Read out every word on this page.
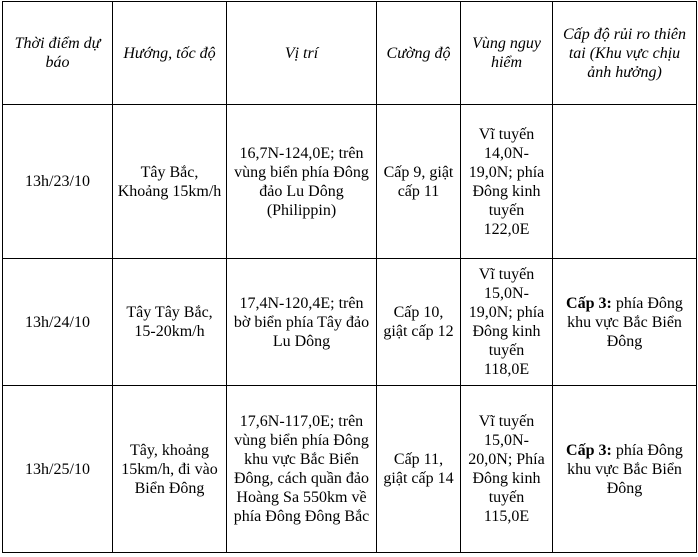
Thời điểm dự báo	Hướng, tốc độ	Vị trí	Cường độ	Vùng nguy hiểm	Cấp độ rủi ro thiên tai (Khu vực chịu ảnh hưởng)
13h/23/10	Tây Bắc, Khoảng 15km/h	16,7N-124,0E; trên vùng biển phía Đông đảo Lu Dông (Philippin)	Cấp 9, giật cấp 11	Vĩ tuyến 14,0N-19,0N; phía Đông kinh tuyến 122,0E	
13h/24/10	Tây Tây Bắc, 15-20km/h	17,4N-120,4E; trên bờ biển phía Tây đảo Lu Dông	Cấp 10, giật cấp 12	Vĩ tuyến 15,0N-19,0N; phía Đông kinh tuyến 118,0E	Cấp 3: phía Đông khu vực Bắc Biển Đông
13h/25/10	Tây, khoảng 15km/h, đi vào Biển Đông	17,6N-117,0E; trên vùng biển phía Đông khu vực Bắc Biển Đông, cách quần đảo Hoàng Sa 550km về phía Đông Đông Bắc	Cấp 11, giật cấp 14	Vĩ tuyến 15,0N-20,0N; Phía Đông kinh tuyến 115,0E	Cấp 3: phía Đông khu vực Bắc Biển Đông
